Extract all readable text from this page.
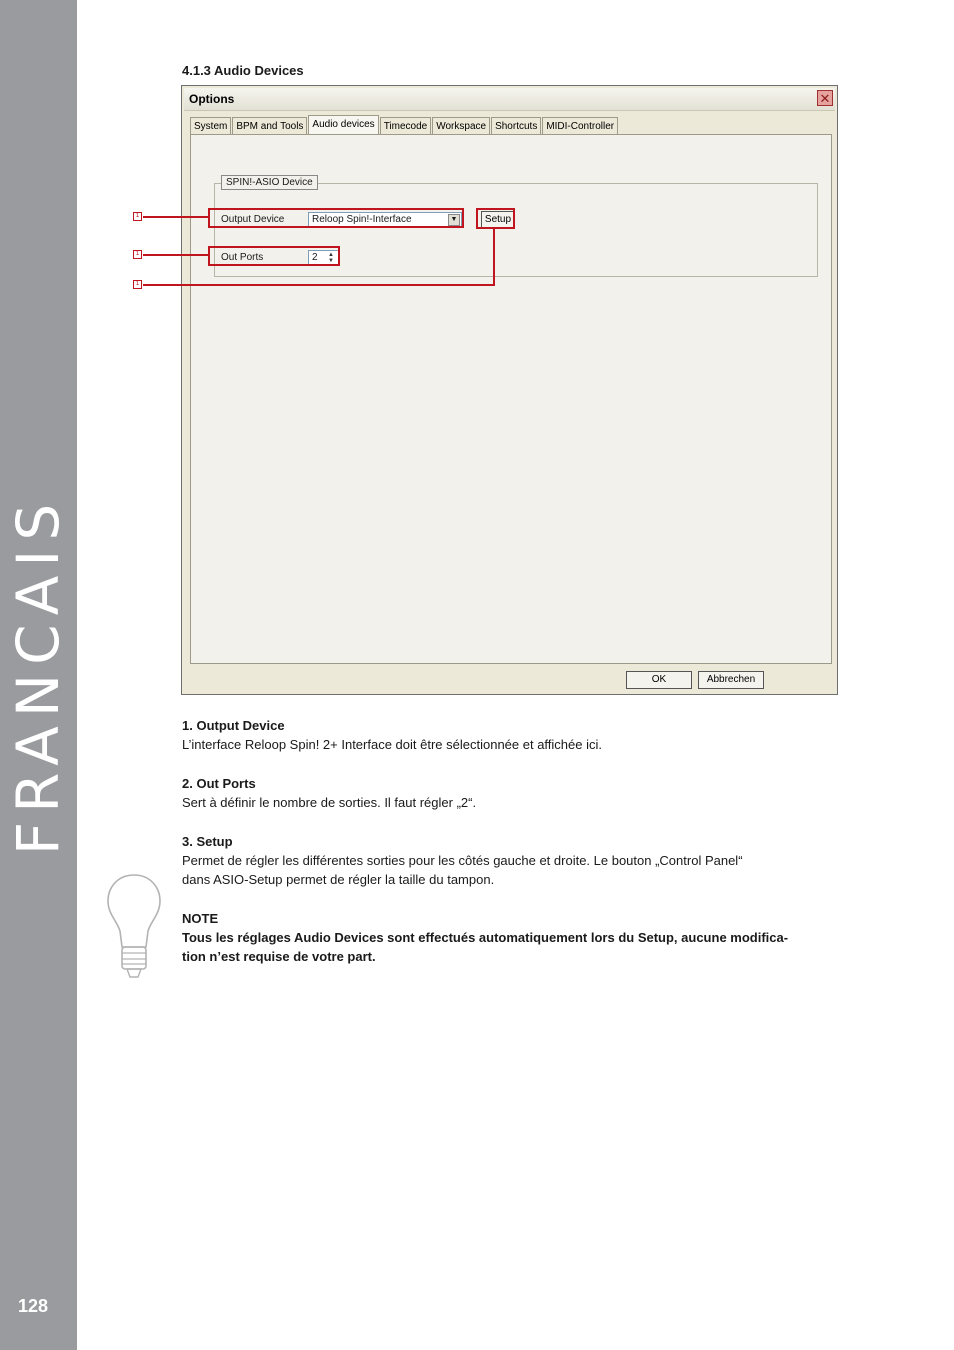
FRANCAIS
128
4.1.3 Audio Devices
Options	✕
System BPM and Tools Audio devices Timecode Workspace Shortcuts MIDI-Controller
SPIN!-ASIO Device
Output Device	Reloop Spin!-Interface	▼	Setup
Out Ports	2	▲
▼
OK	Abbrechen
1
1
1
1. Output Device
L’interface Reloop Spin! 2+ Interface doit être sélectionnée et affichée ici.
2. Out Ports
Sert à définir le nombre de sorties. Il faut régler „2“.
3. Setup
Permet de régler les différentes sorties pour les côtés gauche et droite. Le bouton „Control Panel“
dans ASIO-Setup permet de régler la taille du tampon.
NOTE
Tous les réglages Audio Devices sont effectués automatiquement lors du Setup, aucune modifica-
tion n’est requise de votre part.
